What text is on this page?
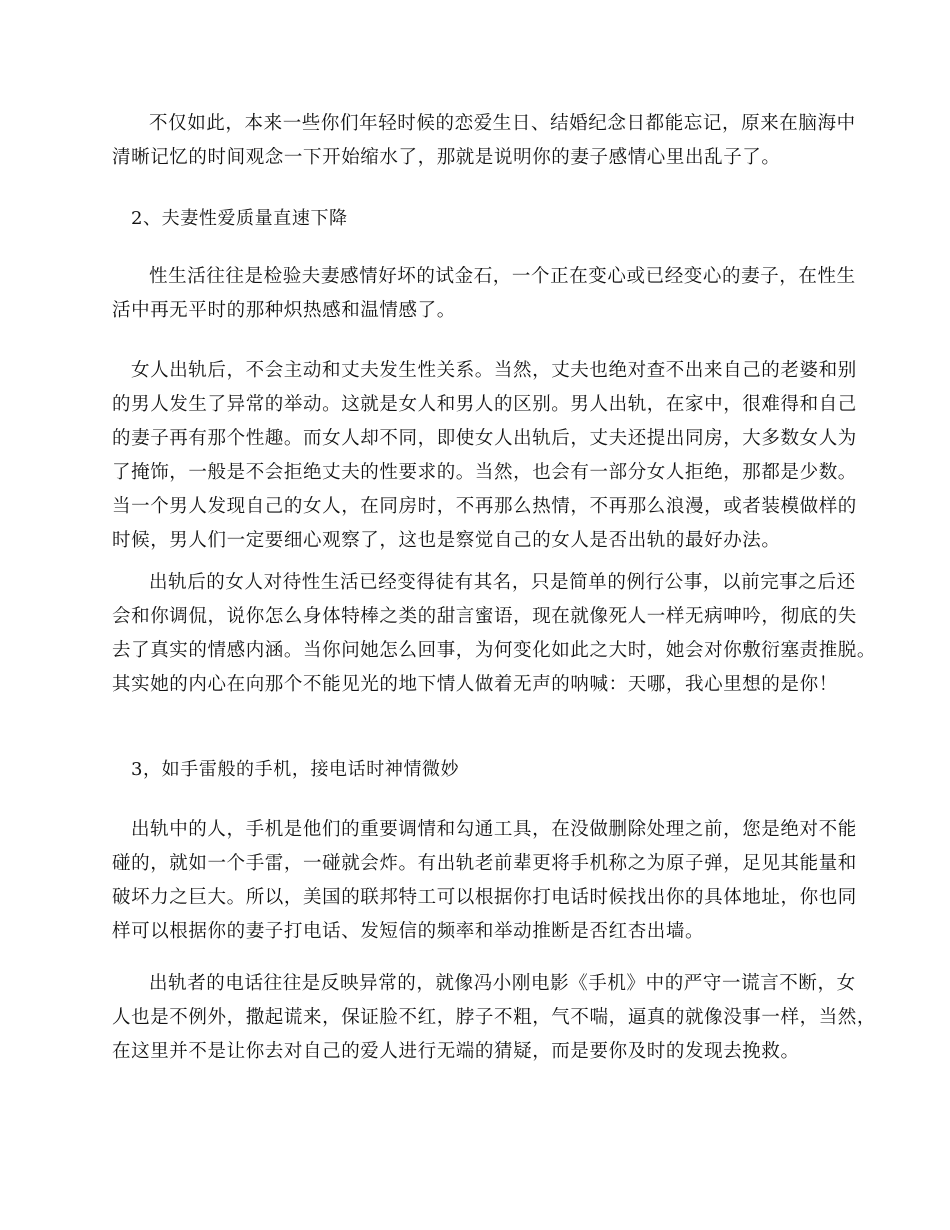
不仅如此，本来一些你们年轻时候的恋爱生日、结婚纪念日都能忘记，原来在脑海中
清晰记忆的时间观念一下开始缩水了，那就是说明你的妻子感情心里出乱子了。
2、夫妻性爱质量直速下降
性生活往往是检验夫妻感情好坏的试金石，一个正在变心或已经变心的妻子，在性生
活中再无平时的那种炽热感和温情感了。
女人出轨后，不会主动和丈夫发生性关系。当然，丈夫也绝对查不出来自己的老婆和别
的男人发生了异常的举动。这就是女人和男人的区别。男人出轨，在家中，很难得和自己
的妻子再有那个性趣。而女人却不同，即使女人出轨后，丈夫还提出同房，大多数女人为
了掩饰，一般是不会拒绝丈夫的性要求的。当然，也会有一部分女人拒绝，那都是少数。
当一个男人发现自己的女人，在同房时，不再那么热情，不再那么浪漫，或者装模做样的
时候，男人们一定要细心观察了，这也是察觉自己的女人是否出轨的最好办法。
出轨后的女人对待性生活已经变得徒有其名，只是简单的例行公事，以前完事之后还
会和你调侃，说你怎么身体特棒之类的甜言蜜语，现在就像死人一样无病呻吟，彻底的失
去了真实的情感内涵。当你问她怎么回事，为何变化如此之大时，她会对你敷衍塞责推脱。
其实她的内心在向那个不能见光的地下情人做着无声的呐喊：天哪，我心里想的是你！
3，如手雷般的手机，接电话时神情微妙
出轨中的人，手机是他们的重要调情和勾通工具，在没做删除处理之前，您是绝对不能
碰的，就如一个手雷，一碰就会炸。有出轨老前辈更将手机称之为原子弹，足见其能量和
破坏力之巨大。所以，美国的联邦特工可以根据你打电话时候找出你的具体地址，你也同
样可以根据你的妻子打电话、发短信的频率和举动推断是否红杏出墙。
出轨者的电话往往是反映异常的，就像冯小刚电影《手机》中的严守一谎言不断，女
人也是不例外，撒起谎来，保证脸不红，脖子不粗，气不喘，逼真的就像没事一样，当然，
在这里并不是让你去对自己的爱人进行无端的猜疑，而是要你及时的发现去挽救。
